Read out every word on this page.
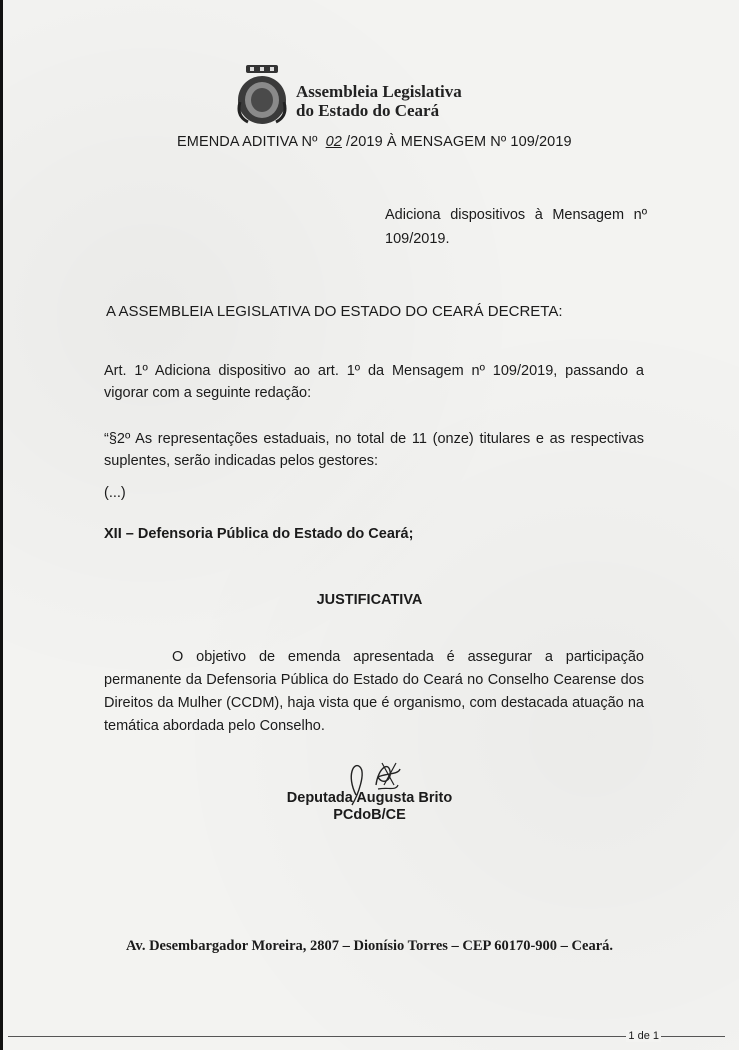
Assembleia Legislativa
do Estado do Ceará
EMENDA ADITIVA Nº 02 /2019 À MENSAGEM Nº 109/2019
Adiciona dispositivos à Mensagem nº 109/2019.
A ASSEMBLEIA LEGISLATIVA DO ESTADO DO CEARÁ DECRETA:
Art. 1º Adiciona dispositivo ao art. 1º da Mensagem nº 109/2019, passando a vigorar com a seguinte redação:
“§2º As representações estaduais, no total de 11 (onze) titulares e as respectivas suplentes, serão indicadas pelos gestores:
(...)
XII – Defensoria Pública do Estado do Ceará;
JUSTIFICATIVA
O objetivo de emenda apresentada é assegurar a participação permanente da Defensoria Pública do Estado do Ceará no Conselho Cearense dos Direitos da Mulher (CCDM), haja vista que é organismo, com destacada atuação na temática abordada pelo Conselho.
Deputada Augusta Brito
PCdoB/CE
Av. Desembargador Moreira, 2807 – Dionísio Torres – CEP 60170-900 – Ceará.
1 de 1
